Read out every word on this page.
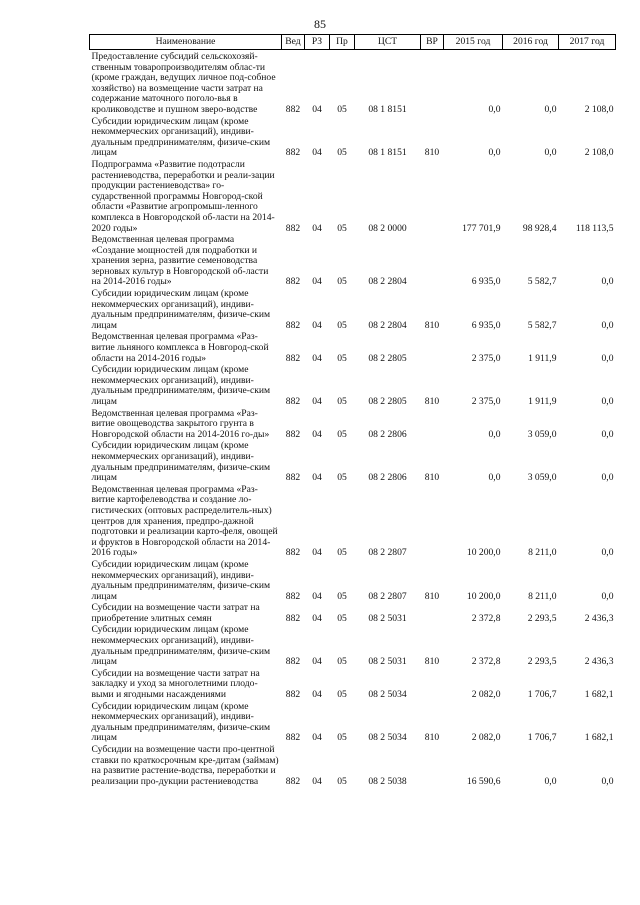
85
Наименование	Вед	РЗ	Пр	ЦСТ	ВР	2015 год	2016 год	2017 год
Предоставление субсидий сельскохозяй-ственным товаропроизводителям облас-ти (кроме граждан, ведущих личное под-собное хозяйство) на возмещение части затрат на содержание маточного поголо-вья в кролиководстве и пушном зверо-водстве	882	04	05	08 1 8151		0,0	0,0	2 108,0
Субсидии юридическим лицам (кроме некоммерческих организаций), индиви-дуальным предпринимателям, физиче-ским лицам	882	04	05	08 1 8151	810	0,0	0,0	2 108,0
Подпрограмма «Развитие подотрасли растениеводства, переработки и реали-зации продукции растениеводства» го-сударственной программы Новгород-ской области «Развитие агропромыш-ленного комплекса в Новгородской об-ласти на 2014-2020 годы»	882	04	05	08 2 0000		177 701,9	98 928,4	118 113,5
Ведомственная целевая программа «Создание мощностей для подработки и хранения зерна, развитие семеноводства зерновых культур в Новгородской об-ласти на 2014-2016 годы»	882	04	05	08 2 2804		6 935,0	5 582,7	0,0
Субсидии юридическим лицам (кроме некоммерческих организаций), индиви-дуальным предпринимателям, физиче-ским лицам	882	04	05	08 2 2804	810	6 935,0	5 582,7	0,0
Ведомственная целевая программа «Раз-витие льняного комплекса в Новгород-ской области на 2014-2016 годы»	882	04	05	08 2 2805		2 375,0	1 911,9	0,0
Субсидии юридическим лицам (кроме некоммерческих организаций), индиви-дуальным предпринимателям, физиче-ским лицам	882	04	05	08 2 2805	810	2 375,0	1 911,9	0,0
Ведомственная целевая программа «Раз-витие овощеводства закрытого грунта в Новгородской области на 2014-2016 го-ды»	882	04	05	08 2 2806		0,0	3 059,0	0,0
Субсидии юридическим лицам (кроме некоммерческих организаций), индиви-дуальным предпринимателям, физиче-ским лицам	882	04	05	08 2 2806	810	0,0	3 059,0	0,0
Ведомственная целевая программа «Раз-витие картофелеводства и создание ло-гистических (оптовых распределитель-ных) центров для хранения, предпро-дажной подготовки и реализации карто-феля, овощей и фруктов в Новгородской области на 2014-2016 годы»	882	04	05	08 2 2807		10 200,0	8 211,0	0,0
Субсидии юридическим лицам (кроме некоммерческих организаций), индиви-дуальным предпринимателям, физиче-ским лицам	882	04	05	08 2 2807	810	10 200,0	8 211,0	0,0
Субсидии на возмещение части затрат на приобретение элитных семян	882	04	05	08 2 5031		2 372,8	2 293,5	2 436,3
Субсидии юридическим лицам (кроме некоммерческих организаций), индиви-дуальным предпринимателям, физиче-ским лицам	882	04	05	08 2 5031	810	2 372,8	2 293,5	2 436,3
Субсидии на возмещение части затрат на закладку и уход за многолетними плодо-выми и ягодными насаждениями	882	04	05	08 2 5034		2 082,0	1 706,7	1 682,1
Субсидии юридическим лицам (кроме некоммерческих организаций), индиви-дуальным предпринимателям, физиче-ским лицам	882	04	05	08 2 5034	810	2 082,0	1 706,7	1 682,1
Субсидии на возмещение части про-центной ставки по краткосрочным кре-дитам (займам) на развитие растение-водства, переработки и реализации про-дукции растениеводства	882	04	05	08 2 5038		16 590,6	0,0	0,0
